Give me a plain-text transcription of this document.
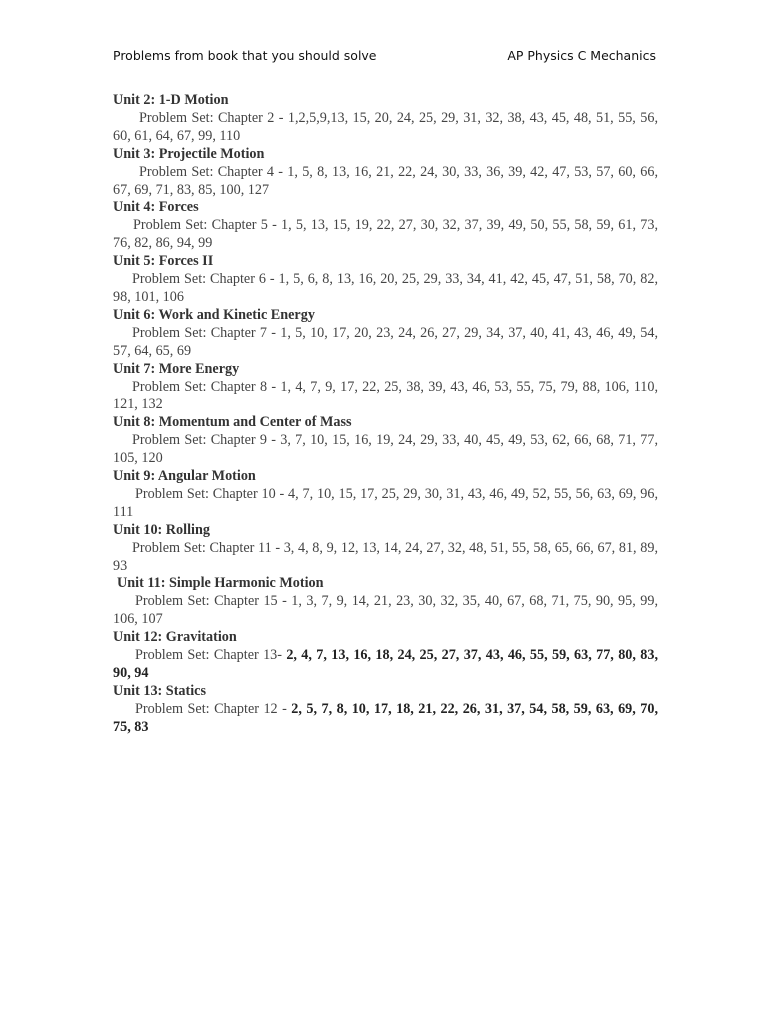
Problems from book that you should solve	AP Physics C Mechanics
Unit 2: 1-D Motion
Problem Set: Chapter 2 - 1,2,5,9,13, 15, 20, 24, 25, 29, 31, 32, 38, 43, 45, 48, 51, 55, 56, 60, 61, 64, 67, 99, 110
Unit 3: Projectile Motion
Problem Set: Chapter 4 - 1, 5, 8, 13, 16, 21, 22, 24, 30, 33, 36, 39, 42, 47, 53, 57, 60, 66, 67, 69, 71, 83, 85, 100, 127
Unit 4: Forces
Problem Set: Chapter 5 - 1, 5, 13, 15, 19, 22, 27, 30, 32, 37, 39, 49, 50, 55, 58, 59, 61, 73, 76, 82, 86, 94, 99
Unit 5: Forces II
Problem Set: Chapter 6 - 1, 5, 6, 8, 13, 16, 20, 25, 29, 33, 34, 41, 42, 45, 47, 51, 58, 70, 82, 98, 101, 106
Unit 6: Work and Kinetic Energy
Problem Set: Chapter 7 - 1, 5, 10, 17, 20, 23, 24, 26, 27, 29, 34, 37, 40, 41, 43, 46, 49, 54, 57, 64, 65, 69
Unit 7: More Energy
Problem Set: Chapter 8 - 1, 4, 7, 9, 17, 22, 25, 38, 39, 43, 46, 53, 55, 75, 79, 88, 106, 110, 121, 132
Unit 8: Momentum and Center of Mass
Problem Set: Chapter 9 - 3, 7, 10, 15, 16, 19, 24, 29, 33, 40, 45, 49, 53, 62, 66, 68, 71, 77, 105, 120
Unit 9: Angular Motion
Problem Set: Chapter 10 - 4, 7, 10, 15, 17, 25, 29, 30, 31, 43, 46, 49, 52, 55, 56, 63, 69, 96, 111
Unit 10: Rolling
Problem Set: Chapter 11 - 3, 4, 8, 9, 12, 13, 14, 24, 27, 32, 48, 51, 55, 58, 65, 66, 67, 81, 89, 93
Unit 11: Simple Harmonic Motion
Problem Set: Chapter 15 - 1, 3, 7, 9, 14, 21, 23, 30, 32, 35, 40, 67, 68, 71, 75, 90, 95, 99, 106, 107
Unit 12: Gravitation
Problem Set: Chapter 13- 2, 4, 7, 13, 16, 18, 24, 25, 27, 37, 43, 46, 55, 59, 63, 77, 80, 83, 90, 94
Unit 13: Statics
Problem Set: Chapter 12 - 2, 5, 7, 8, 10, 17, 18, 21, 22, 26, 31, 37, 54, 58, 59, 63, 69, 70, 75, 83
